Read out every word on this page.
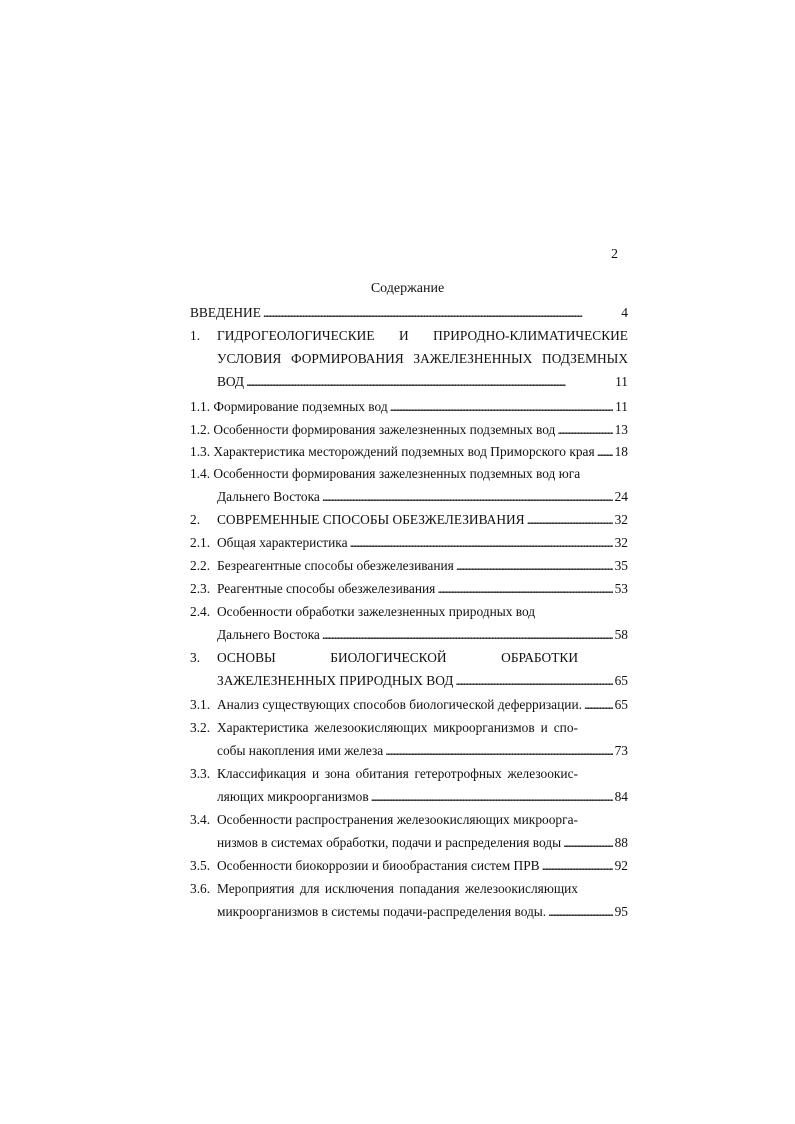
2
Содержание
ВВЕДЕНИЕ . . .	4
1. ГИДРОГЕОЛОГИЧЕСКИЕ И ПРИРОДНО-КЛИМАТИЧЕСКИЕ
УСЛОВИЯ ФОРМИРОВАНИЯ ЗАЖЕЛЕЗНЕННЫХ ПОДЗЕМНЫХ
ВОД . . .	11
1.1. Формирование подземных вод . . .	11
1.2. Особенности формирования зажелезненных подземных вод . . .	13
1.3. Характеристика месторождений подземных вод Приморского края . . . 18
1.4. Особенности формирования зажелезненных подземных вод юга
Дальнего Востока . . .	24
2. СОВРЕМЕННЫЕ СПОСОБЫ ОБЕЗЖЕЛЕЗИВАНИЯ . . .	32
2.1. Общая характеристика . . .	32
2.2. Безреагентные способы обезжелезивания . . .	35
2.3. Реагентные способы обезжелезивания . . .	53
2.4. Особенности обработки зажелезненных природных вод
Дальнего Востока . . .	58
3. ОСНОВЫ БИОЛОГИЧЕСКОЙ ОБРАБОТКИ
ЗАЖЕЛЕЗНЕННЫХ ПРИРОДНЫХ ВОД . . .	65
3.1. Анализ существующих способов биологической деферризации. . . . 65
3.2. Характеристика железоокисляющих микроорганизмов и спо-
собы накопления ими железа . . .	73
3.3. Классификация и зона обитания гетеротрофных железоокис-
ляющих микроорганизмов . . .	84
3.4. Особенности распространения железоокисляющих микроорга-
низмов в системах обработки, подачи и распределения воды . . .	88
3.5. Особенности биокоррозии и биообрастания систем ПРВ . . .	92
3.6. Мероприятия для исключения попадания железоокисляющих
микроорганизмов в системы подачи-распределения воды. . . .	95
